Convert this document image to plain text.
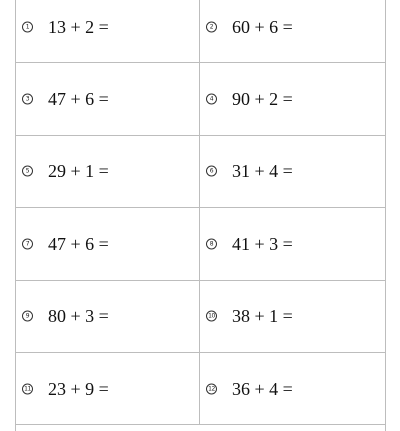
1 13 + 2 =	2 60 + 6 =
3 47 + 6 =	4 90 + 2 =
5 29 + 1 =	6 31 + 4 =
7 47 + 6 =	8 41 + 3 =
9 80 + 3 =	10 38 + 1 =
11 23 + 9 =	12 36 + 4 =
